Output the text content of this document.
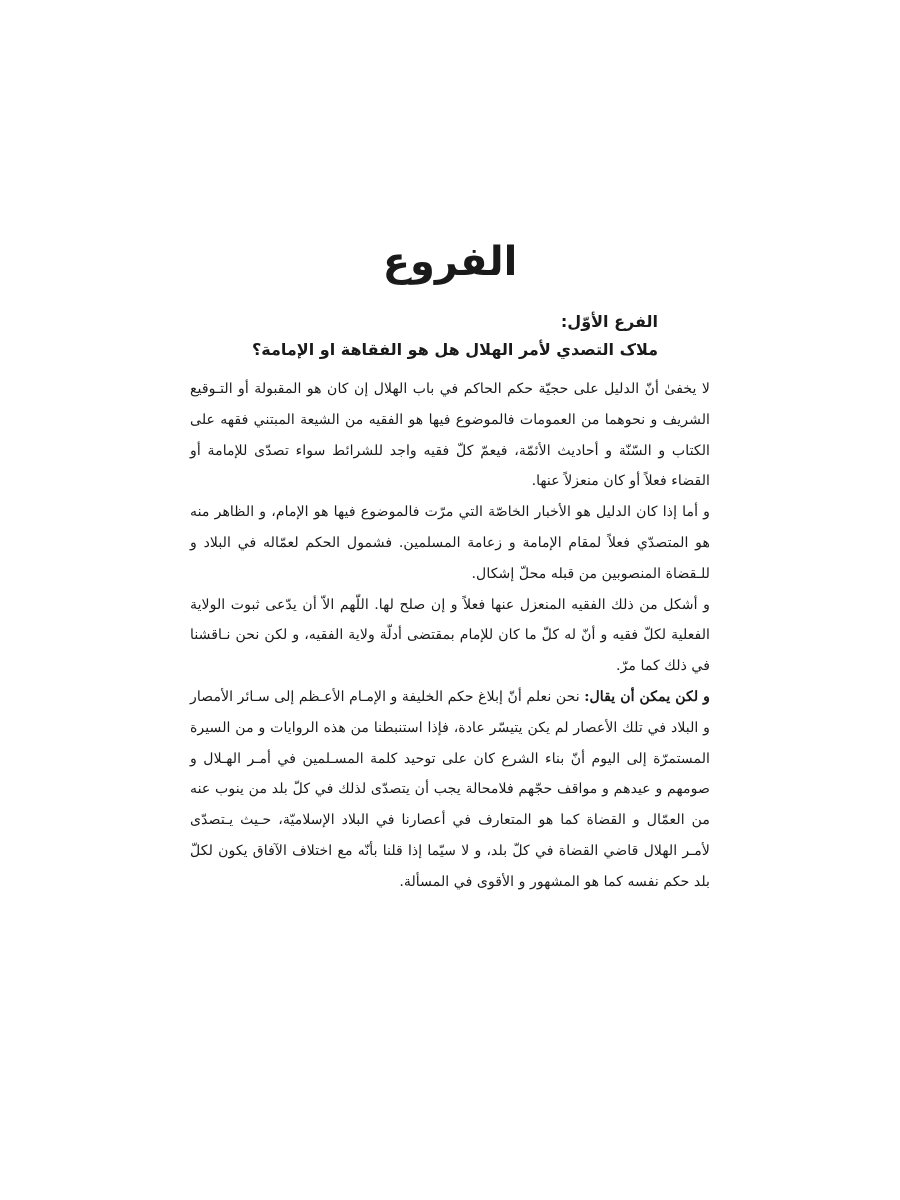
الفروع
الفرع الأوّل:
ملاک التصدي لأمر الهلال هل هو الفقاهة او الإمامة؟

لا يخفیٰ أنّ الدليل على حجيّة حكم الحاكم في باب الهلال إن كان هو المقبولة أو التـوقيع الشريف و نحوهما من العمومات فالموضوع فيها هو الفقيه من الشيعة المبتني فقهه على الكتاب و السّنّة و أحاديث الأئمّة، فيعمّ كلّ فقيه واجد للشرائط سواء تصدّى للإمامة أو القضاء فعلاً أو كان منعزلاً عنها.

و أما إذا كان الدليل هو الأخبار الخاصّة التي مرّت فالموضوع فيها هو الإمام، و الظاهر منه هو المتصدّي فعلاً لمقام الإمامة و زعامة المسلمين. فشمول الحكم لعمّاله في البلاد و للـقضاة المنصوبين من قبله محلّ إشكال.

و أشكل من ذلك الفقيه المنعزل عنها فعلاً و إن صلح لها. اللّهم الاّ أن يدّعى ثبوت الولاية الفعلية لكلّ فقيه و أنّ له كلّ ما كان للإمام بمقتضى أدلّة ولاية الفقيه، و لكن نحن نـاقشنا في ذلك كما مرّ.

و لكن يمكن أن يقال: نحن نعلم أنّ إبلاغ حكم الخليفة و الإمـام الأعـظم إلى سـائر الأمصار و البلاد في تلك الأعصار لم يكن يتيسّر عادة، فإذا استنبطنا من هذه الروايات و من السيرة المستمرّة إلى اليوم أنّ بناء الشرع كان على توحيد كلمة المسـلمين في أمـر الهـلال و صومهم و عيدهم و مواقف حجّهم فلامحالة يجب أن يتصدّى لذلك في كلّ بلد من ينوب عنه من العمّال و القضاة كما هو المتعارف في أعصارنا في البلاد الإسلاميّة، حـيث يـتصدّى لأمـر الهلال قاضي القضاة في كلّ بلد، و لا سيّما إذا قلنا بأنّه مع اختلاف الآفاق يكون لكلّ بلد حكم نفسه كما هو المشهور و الأقوى في المسألة.
